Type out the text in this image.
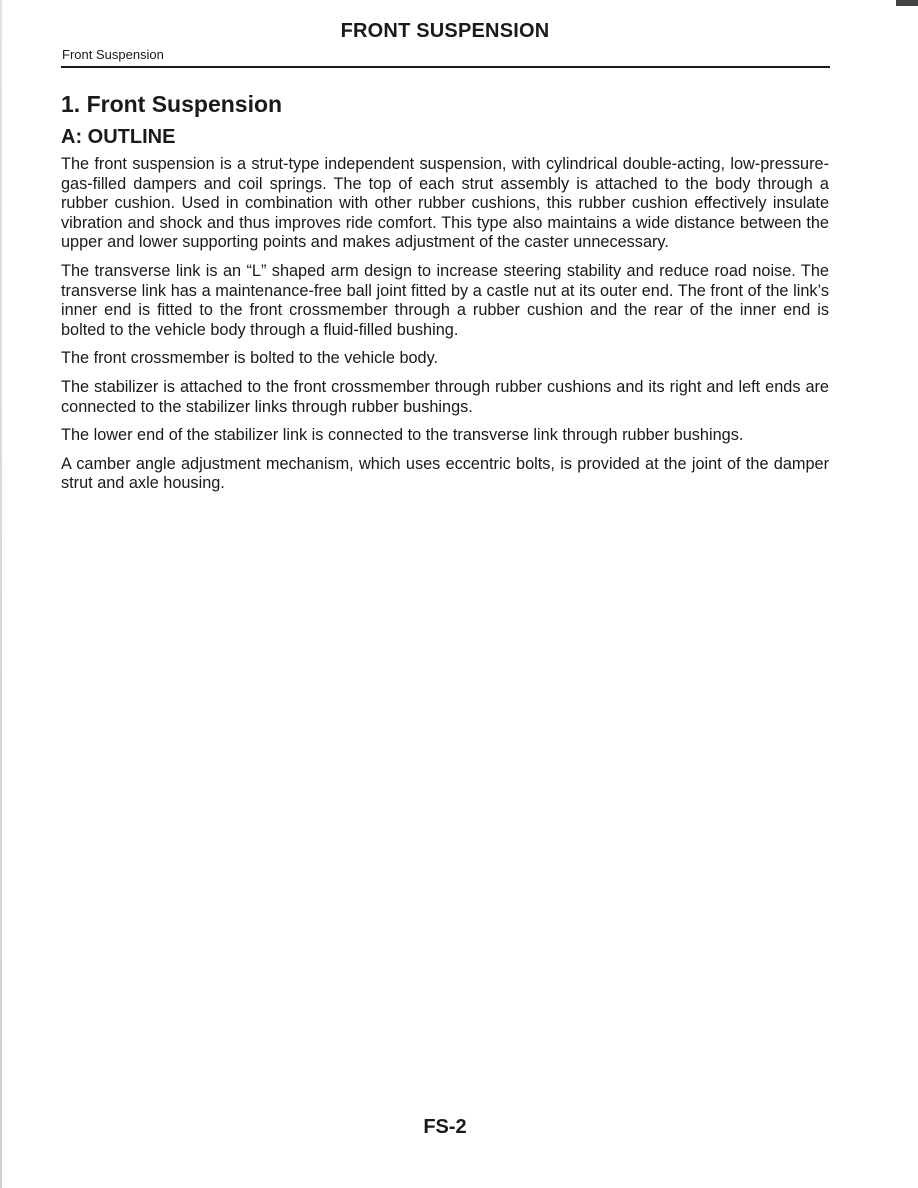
FRONT SUSPENSION
Front Suspension
1. Front Suspension
A: OUTLINE

The front suspension is a strut-type independent suspension, with cylindrical double-acting, low-pressure-gas-filled dampers and coil springs. The top of each strut assembly is attached to the body through a rubber cushion. Used in combination with other rubber cushions, this rubber cushion effectively insulate vibration and shock and thus improves ride comfort. This type also maintains a wide distance between the upper and lower supporting points and makes adjustment of the caster unnecessary.

The transverse link is an “L” shaped arm design to increase steering stability and reduce road noise. The transverse link has a maintenance-free ball joint fitted by a castle nut at its outer end. The front of the link’s inner end is fitted to the front crossmember through a rubber cushion and the rear of the inner end is bolted to the vehicle body through a fluid-filled bushing.

The front crossmember is bolted to the vehicle body.

The stabilizer is attached to the front crossmember through rubber cushions and its right and left ends are connected to the stabilizer links through rubber bushings.

The lower end of the stabilizer link is connected to the transverse link through rubber bushings.

A camber angle adjustment mechanism, which uses eccentric bolts, is provided at the joint of the damper strut and axle housing.

FS-2
